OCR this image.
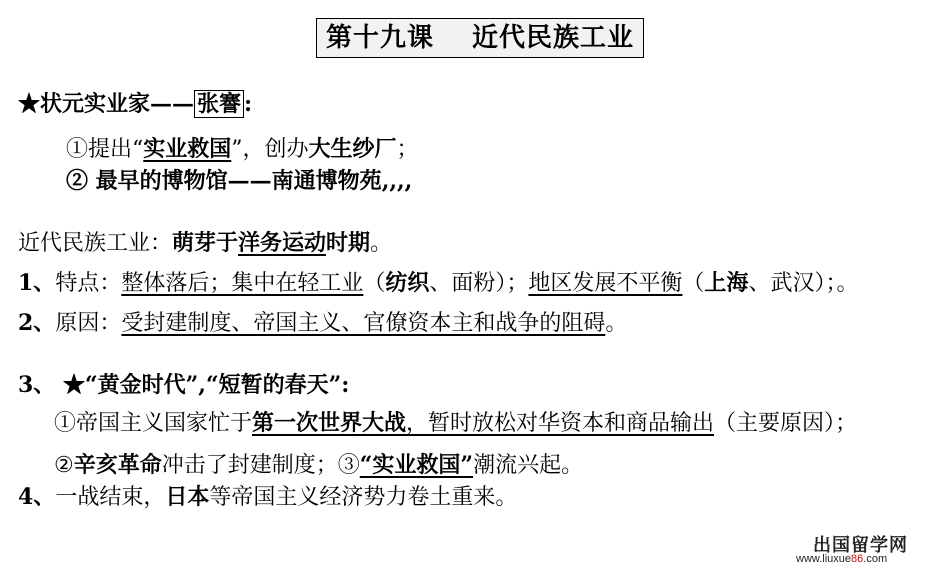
第十九课 近代民族工业
★状元实业家—— 张謇 :
①提出“实业救国”，创办大生纱厂；
② 最早的博物馆——南通博物苑,,,,
近代民族工业：萌芽于洋务运动时期。
1、特点：整体落后；集中在轻工业（纺织、面粉）；地区发展不平衡（上海、武汉）；。
2、原因：受封建制度、帝国主义、官僚资本主和战争的阻碍。
3、 ★“黄金时代”,“短暂的春天”:
①帝国主义国家忙于第一次世界大战，暂时放松对华资本和商品输出（主要原因）；
②辛亥革命冲击了封建制度；③“实业救国”潮流兴起。
4、一战结束，日本等帝国主义经济势力卷土重来。
出国留学网
www.liuxue86.com
